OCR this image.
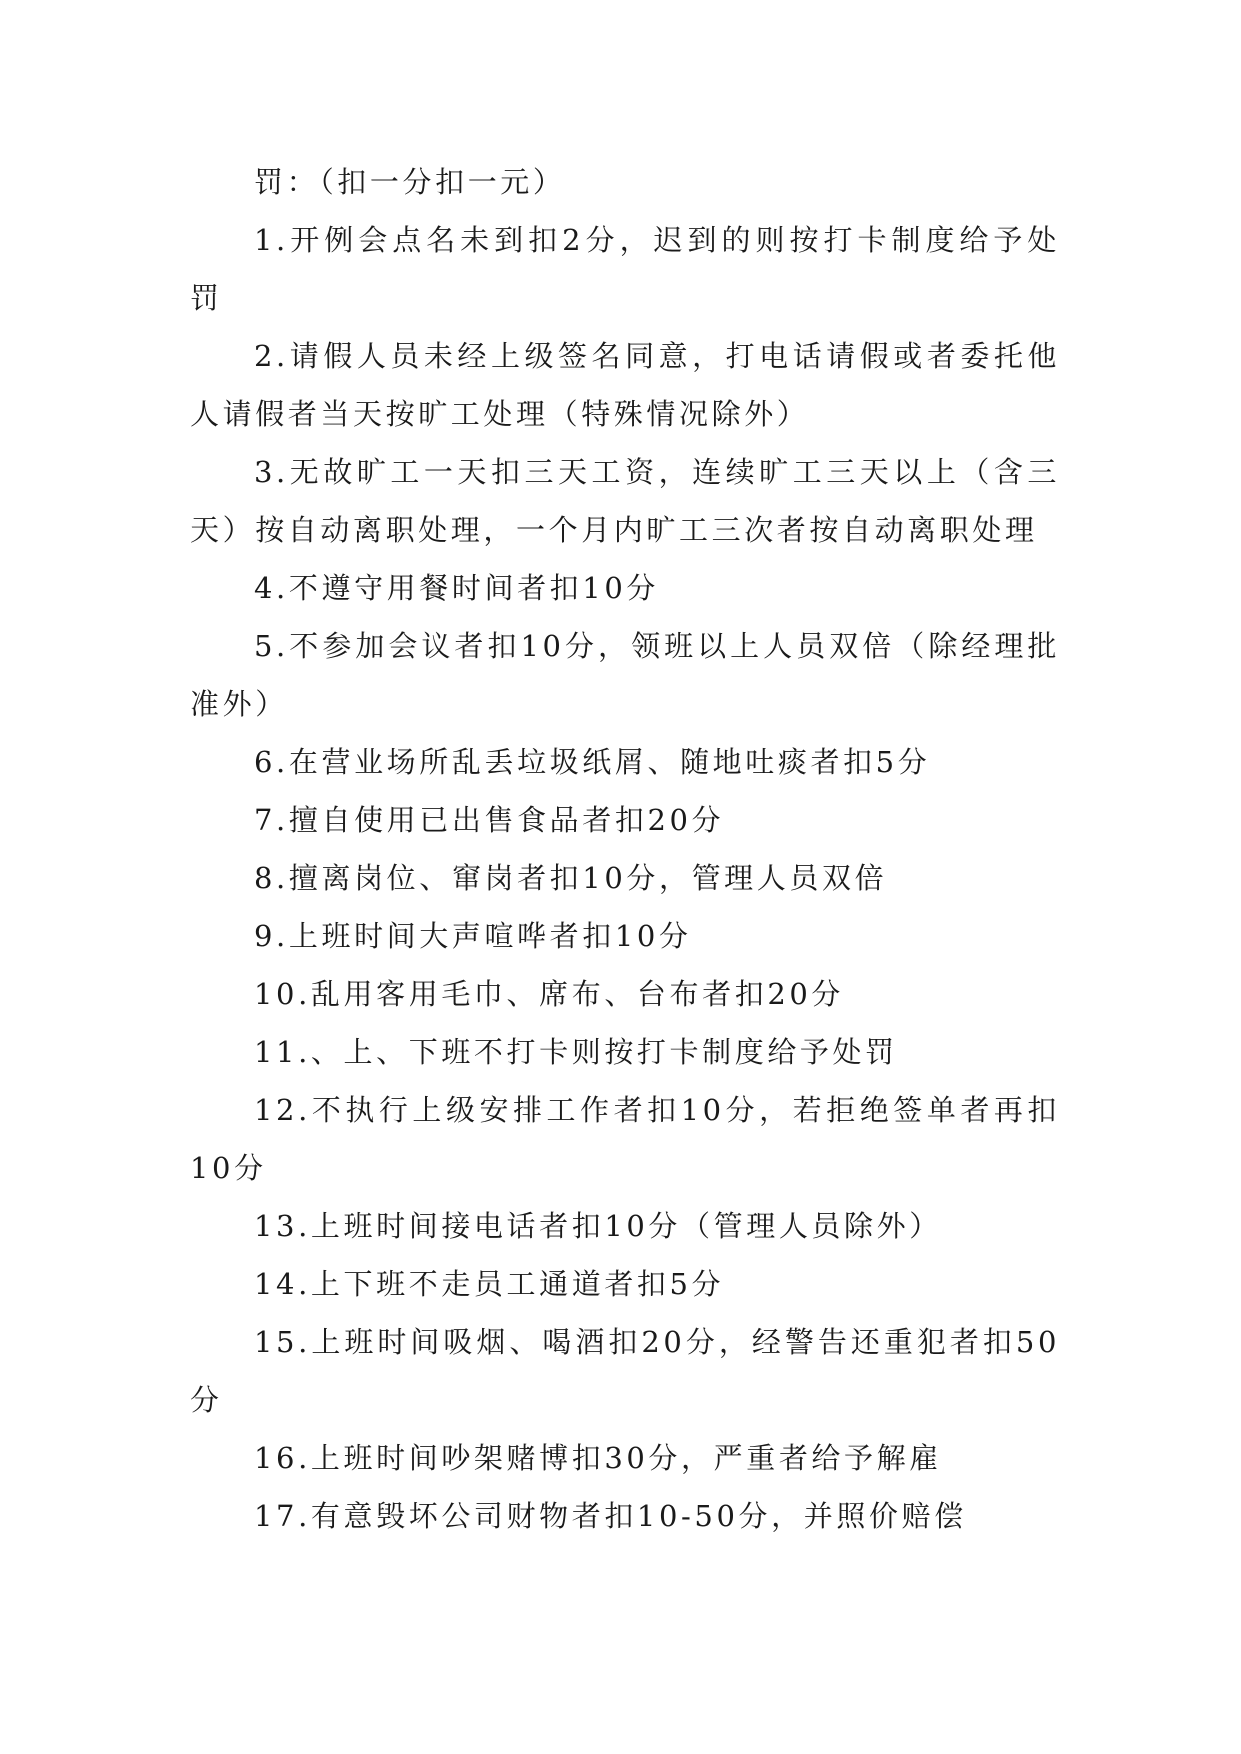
罚：（扣一分扣一元）

1.开例会点名未到扣2分，迟到的则按打卡制度给予处罚

2.请假人员未经上级签名同意，打电话请假或者委托他人请假者当天按旷工处理（特殊情况除外）

3.无故旷工一天扣三天工资，连续旷工三天以上（含三天）按自动离职处理，一个月内旷工三次者按自动离职处理

4.不遵守用餐时间者扣10分

5.不参加会议者扣10分，领班以上人员双倍（除经理批准外）

6.在营业场所乱丢垃圾纸屑、随地吐痰者扣5分

7.擅自使用已出售食品者扣20分

8.擅离岗位、窜岗者扣10分，管理人员双倍

9.上班时间大声喧哗者扣10分

10.乱用客用毛巾、席布、台布者扣20分

11.、上、下班不打卡则按打卡制度给予处罚

12.不执行上级安排工作者扣10分，若拒绝签单者再扣10分

13.上班时间接电话者扣10分（管理人员除外）

14.上下班不走员工通道者扣5分

15.上班时间吸烟、喝酒扣20分，经警告还重犯者扣50分

16.上班时间吵架赌博扣30分，严重者给予解雇

17.有意毁坏公司财物者扣10-50分，并照价赔偿
